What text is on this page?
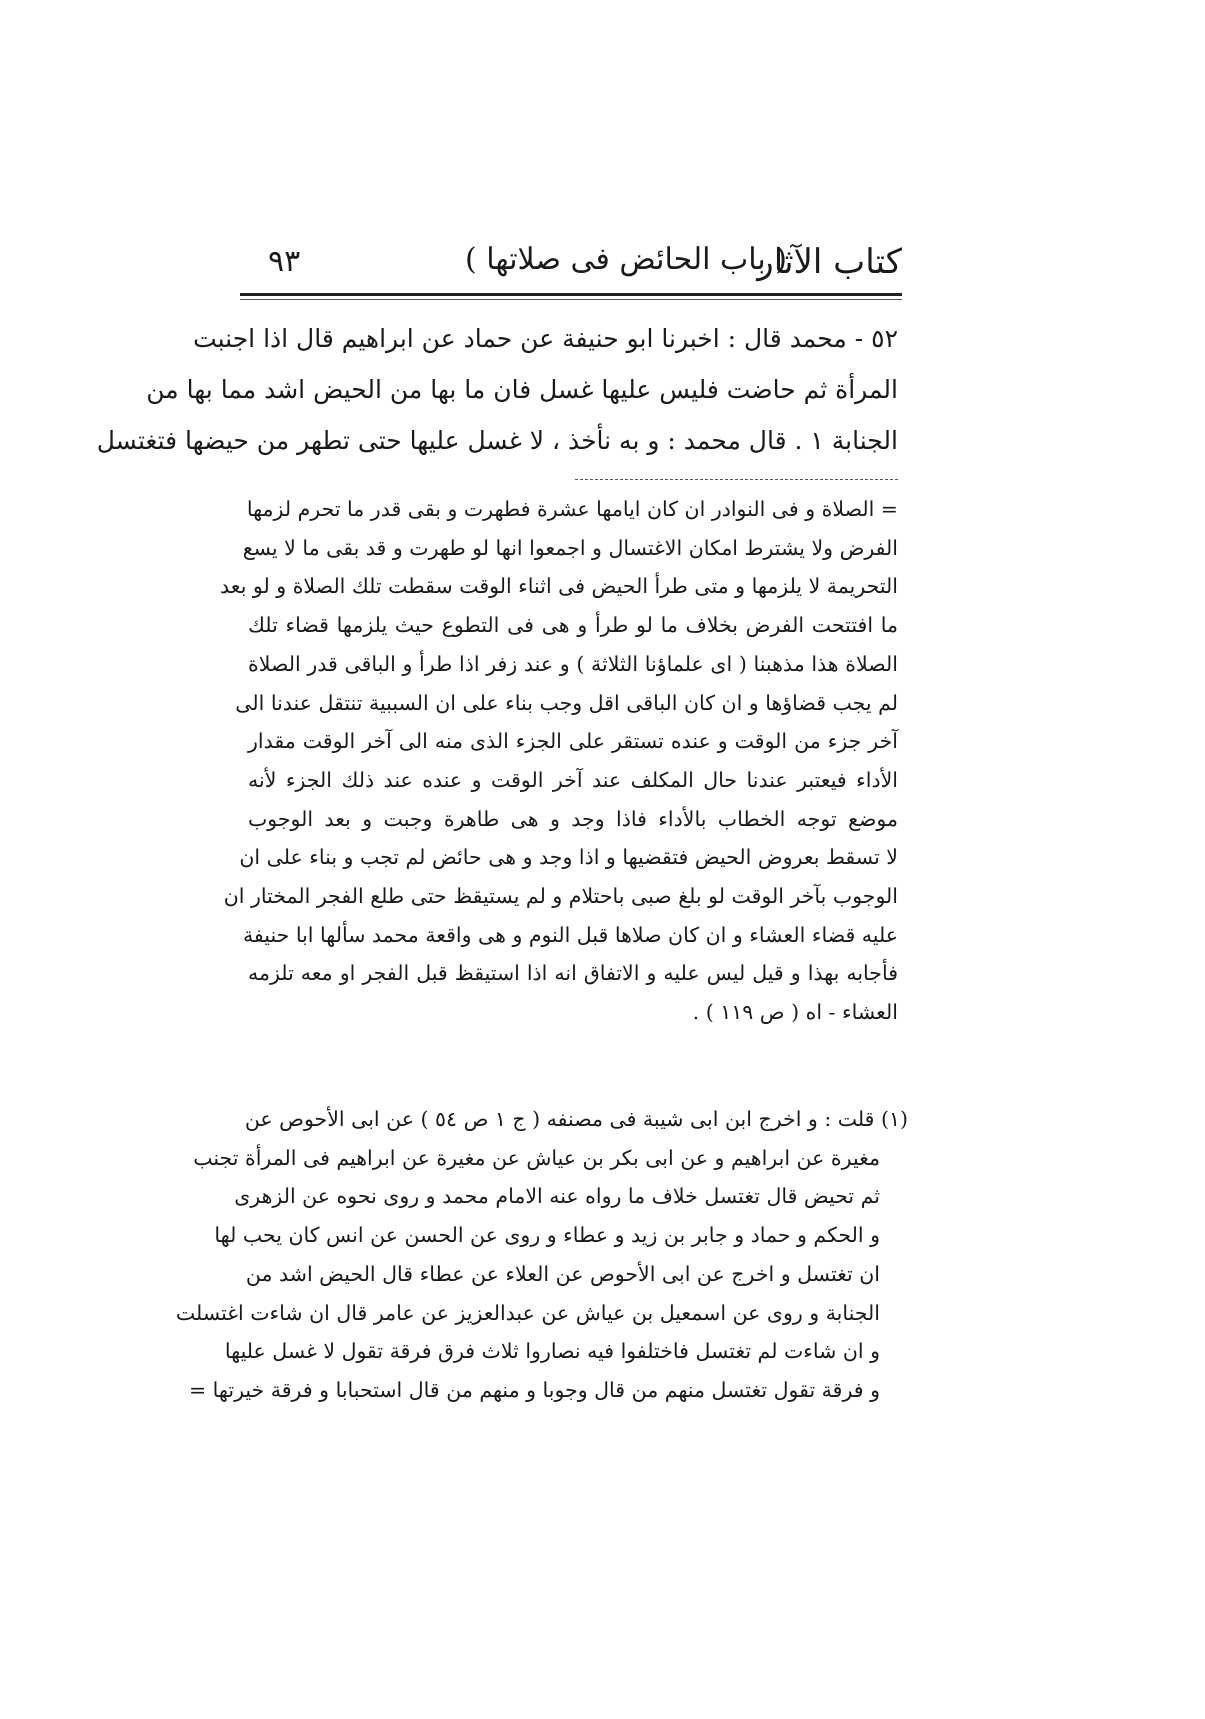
كتاب الآثار
( باب الحائض فى صلاتها )
٩٣
٥٢ - محمد قال : اخبرنا ابو حنيفة عن حماد عن ابراهيم قال اذا اجنبت
المرأة ثم حاضت فليس عليها غسل فان ما بها من الحيض اشد مما بها من
الجنابة ١ . قال محمد : و به نأخذ ، لا غسل عليها حتى تطهر من حيضها فتغتسل
= الصلاة و فى النوادر ان كان ايامها عشرة فطهرت و بقى قدر ما تحرم لزمها
الفرض ولا يشترط امكان الاغتسال و اجمعوا انها لو طهرت و قد بقى ما لا يسع
التحريمة لا يلزمها و متى طرأ الحيض فى اثناء الوقت سقطت تلك الصلاة و لو بعد
ما افتتحت الفرض بخلاف ما لو طرأ و هى فى التطوع حيث يلزمها قضاء تلك
الصلاة هذا مذهبنا ( اى علماؤنا الثلاثة ) و عند زفر اذا طرأ و الباقى قدر الصلاة
لم يجب قضاؤها و ان كان الباقى اقل وجب بناء على ان السببية تنتقل عندنا الى
آخر جزء من الوقت و عنده تستقر على الجزء الذى منه الى آخر الوقت مقدار
الأداء فيعتبر عندنا حال المكلف عند آخر الوقت و عنده عند ذلك الجزء لأنه
موضع توجه الخطاب بالأداء فاذا وجد و هى طاهرة وجبت و بعد الوجوب
لا تسقط بعروض الحيض فتقضيها و اذا وجد و هى حائض لم تجب و بناء على ان
الوجوب بآخر الوقت لو بلغ صبى باحتلام و لم يستيقظ حتى طلع الفجر المختار ان
عليه قضاء العشاء و ان كان صلاها قبل النوم و هى واقعة محمد سألها ابا حنيفة
فأجابه بهذا و قيل ليس عليه و الاتفاق انه اذا استيقظ قبل الفجر او معه تلزمه
العشاء - اه ( ص ١١٩ ) .
(١) قلت : و اخرج ابن ابى شيبة فى مصنفه ( ج ١ ص ٥٤ ) عن ابى الأحوص عن
مغيرة عن ابراهيم و عن ابى بكر بن عياش عن مغيرة عن ابراهيم فى المرأة تجنب
ثم تحيض قال تغتسل خلاف ما رواه عنه الامام محمد و روى نحوه عن الزهرى
و الحكم و حماد و جابر بن زيد و عطاء و روى عن الحسن عن انس كان يحب لها
ان تغتسل و اخرج عن ابى الأحوص عن العلاء عن عطاء قال الحيض اشد من
الجنابة و روى عن اسمعيل بن عياش عن عبدالعزيز عن عامر قال ان شاءت اغتسلت
و ان شاءت لم تغتسل فاختلفوا فيه نصاروا ثلاث فرق فرقة تقول لا غسل عليها
و فرقة تقول تغتسل منهم من قال وجوبا و منهم من قال استحبابا و فرقة خيرتها =
